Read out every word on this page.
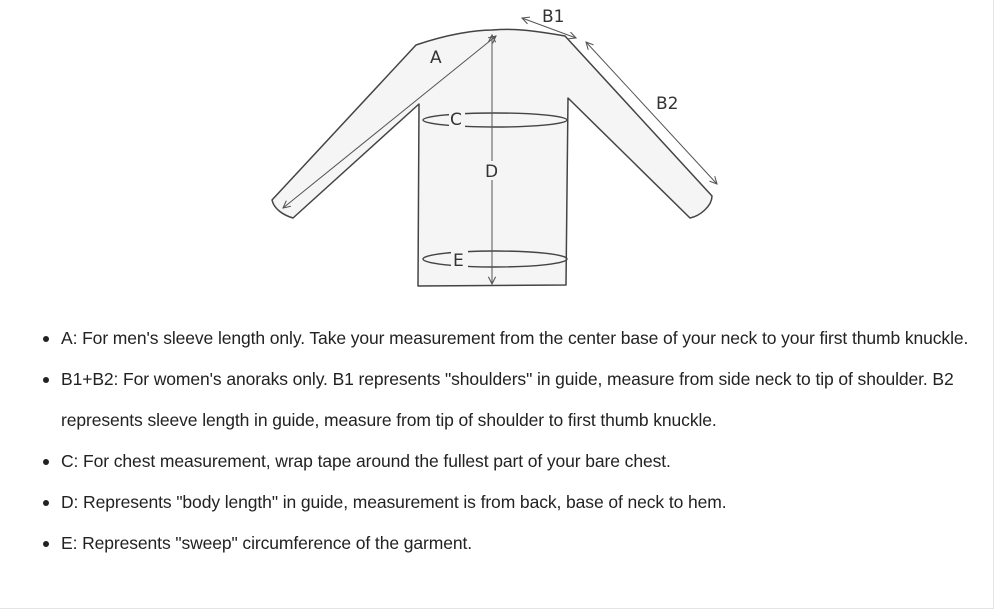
A
B1
B2
C
D
E
A: For men's sleeve length only. Take your measurement from the center base of your neck to your first thumb knuckle.
B1+B2: For women's anoraks only. B1 represents "shoulders" in guide, measure from side neck to tip of shoulder. B2 represents sleeve length in guide, measure from tip of shoulder to first thumb knuckle.
C: For chest measurement, wrap tape around the fullest part of your bare chest.
D: Represents "body length" in guide, measurement is from back, base of neck to hem.
E: Represents "sweep" circumference of the garment.
